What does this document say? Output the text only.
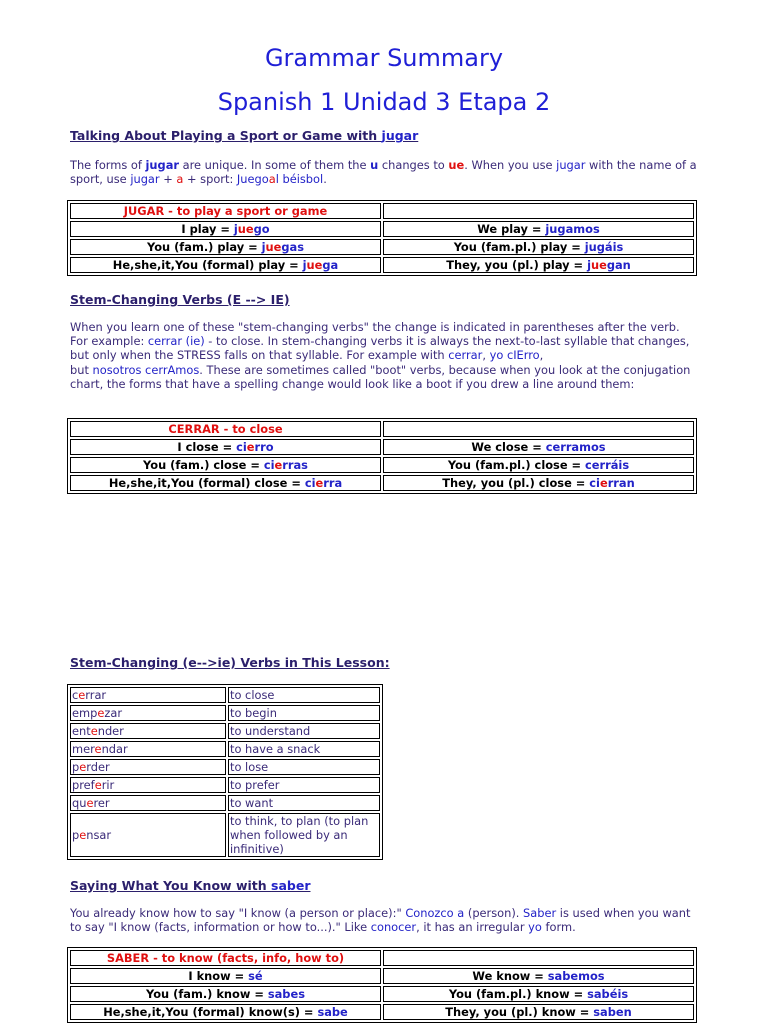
Grammar Summary
Spanish 1 Unidad 3 Etapa 2
Talking About Playing a Sport or Game with jugar
The forms of jugar are unique. In some of them the u changes to ue. When you use jugar with the name of a sport, use jugar + a + sport: Juegoal béisbol.
JUGAR - to play a sport or game	
I play = juego	We play = jugamos
You (fam.) play = juegas	You (fam.pl.) play = jugáis
He,she,it,You (formal) play = juega	They, you (pl.) play = juegan
Stem-Changing Verbs (E --> IE)
When you learn one of these "stem-changing verbs" the change is indicated in parentheses after the verb. For example: cerrar (ie) - to close. In stem-changing verbs it is always the next-to-last syllable that changes, but only when the STRESS falls on that syllable. For example with cerrar, yo cIErro,
but nosotros cerrAmos. These are sometimes called "boot" verbs, because when you look at the conjugation chart, the forms that have a spelling change would look like a boot if you drew a line around them:
CERRAR - to close	
I close = cierro	We close = cerramos
You (fam.) close = cierras	You (fam.pl.) close = cerráis
He,she,it,You (formal) close = cierra	They, you (pl.) close = cierran
Stem-Changing (e-->ie) Verbs in This Lesson:
cerrar	to close
empezar	to begin
entender	to understand
merendar	to have a snack
perder	to lose
preferir	to prefer
querer	to want
pensar	to think, to plan (to plan when followed by an infinitive)
Saying What You Know with saber
You already know how to say "I know (a person or place):" Conozco a (person). Saber is used when you want to say "I know (facts, information or how to...)." Like conocer, it has an irregular yo form.
SABER - to know (facts, info, how to)	
I know = sé	We know = sabemos
You (fam.) know = sabes	You (fam.pl.) know = sabéis
He,she,it,You (formal) know(s) = sabe	They, you (pl.) know = saben
